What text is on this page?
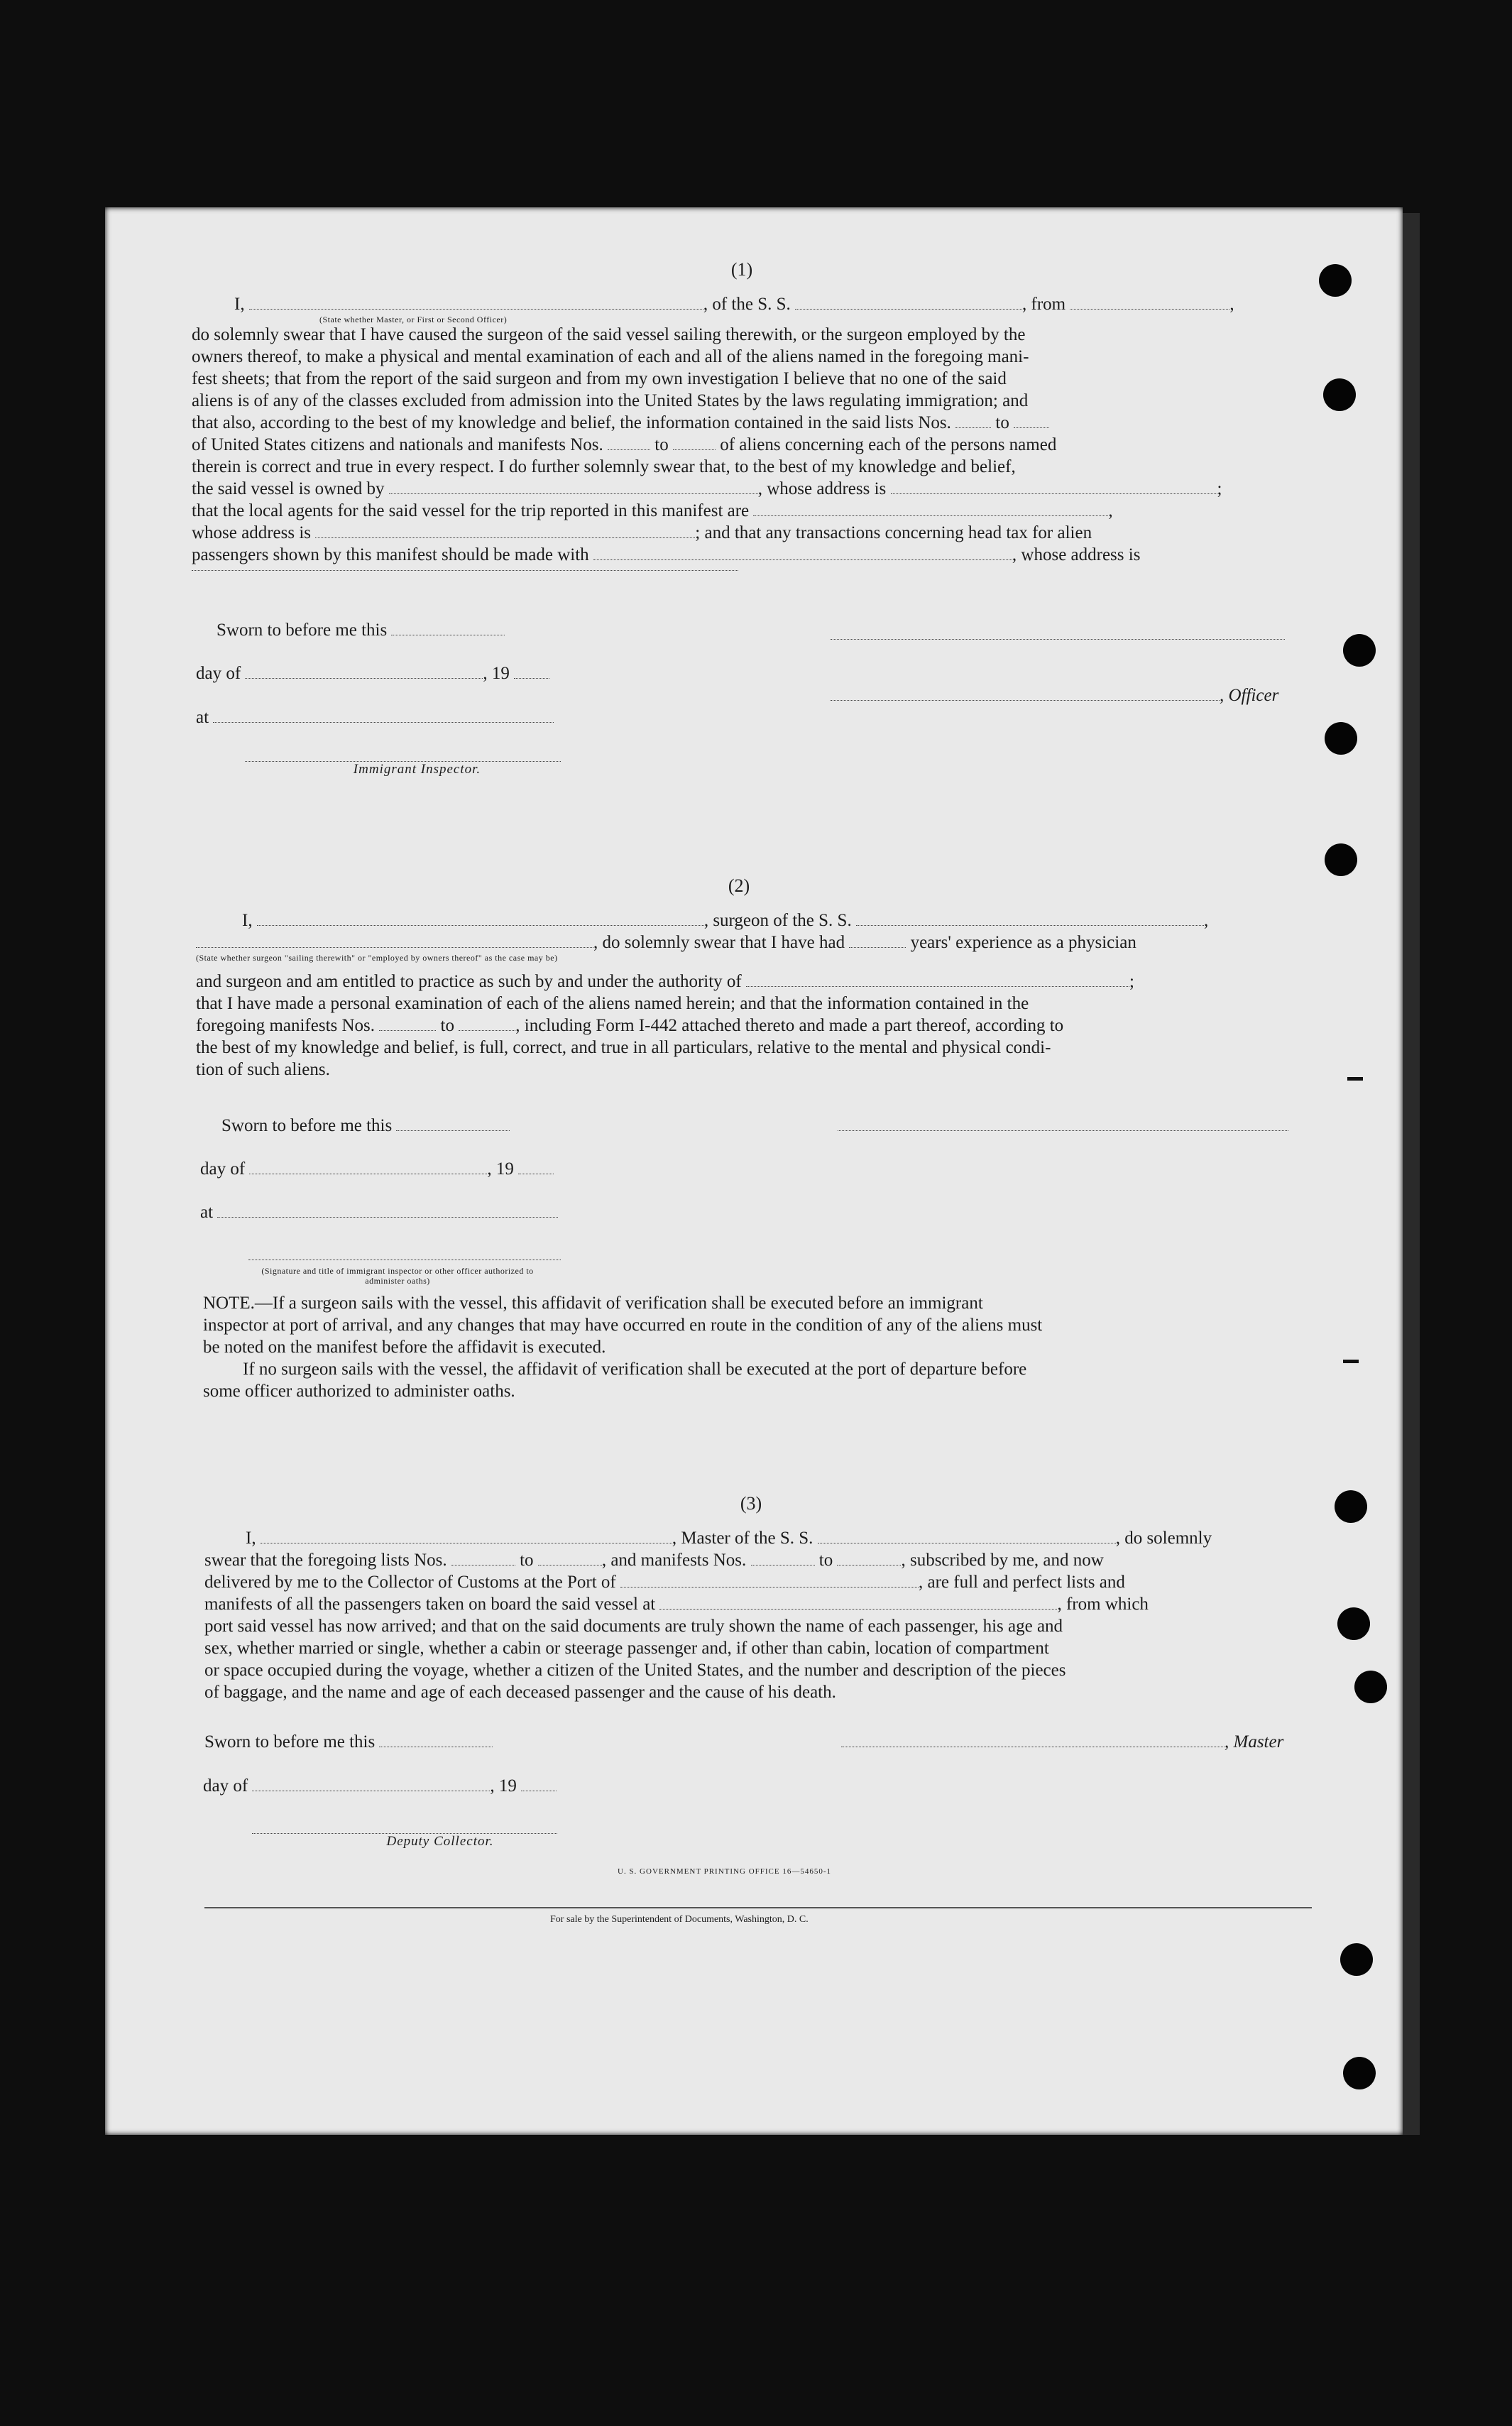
(1)
I,	, of the S. S.	, from	,
(State whether Master, or First or Second Officer)

do solemnly swear that I have caused the surgeon of the said vessel sailing therewith, or the surgeon employed by the

owners thereof, to make a physical and mental examination of each and all of the aliens named in the foregoing mani-

fest sheets; that from the report of the said surgeon and from my own investigation I believe that no one of the said

aliens is of any of the classes excluded from admission into the United States by the laws regulating immigration; and

that also, according to the best of my knowledge and belief, the information contained in the said lists Nos.	to
of United States citizens and nationals and manifests Nos.	to	of aliens concerning each of the persons named

therein is correct and true in every respect. I do further solemnly swear that, to the best of my knowledge and belief,

the said vessel is owned by	, whose address is	;
that the local agents for the said vessel for the trip reported in this manifest are	,
whose address is	; and that any transactions concerning head tax for alien
passengers shown by this manifest should be made with	, whose address is
Sworn to before me this
day of	, 19
, Officer
at
Immigrant Inspector.
(2)
I,	, surgeon of the S. S.	,
, do solemnly swear that I have had	years' experience as a physician
(State whether surgeon "sailing therewith" or "employed by owners thereof" as the case may be)
and surgeon and am entitled to practice as such by and under the authority of	;

that I have made a personal examination of each of the aliens named herein; and that the information contained in the

foregoing manifests Nos.	to	, including Form I-442 attached thereto and made a part thereof, according to

the best of my knowledge and belief, is full, correct, and true in all particulars, relative to the mental and physical condi-

tion of such aliens.

Sworn to before me this
day of	, 19
at
(Signature and title of immigrant inspector or other officer authorized to administer oaths)

NOTE.—If a surgeon sails with the vessel, this affidavit of verification shall be executed before an immigrant

inspector at port of arrival, and any changes that may have occurred en route in the condition of any of the aliens must

be noted on the manifest before the affidavit is executed.

If no surgeon sails with the vessel, the affidavit of verification shall be executed at the port of departure before

some officer authorized to administer oaths.

(3)
I,	, Master of the S. S.	, do solemnly
swear that the foregoing lists Nos.	to	, and manifests Nos.	to	, subscribed by me, and now
delivered by me to the Collector of Customs at the Port of	, are full and perfect lists and
manifests of all the passengers taken on board the said vessel at	, from which

port said vessel has now arrived; and that on the said documents are truly shown the name of each passenger, his age and

sex, whether married or single, whether a cabin or steerage passenger and, if other than cabin, location of compartment

or space occupied during the voyage, whether a citizen of the United States, and the number and description of the pieces

of baggage, and the name and age of each deceased passenger and the cause of his death.

Sworn to before me this	, Master
day of	, 19
Deputy Collector.
U. S. GOVERNMENT PRINTING OFFICE 16—54650-1
For sale by the Superintendent of Documents, Washington, D. C.
